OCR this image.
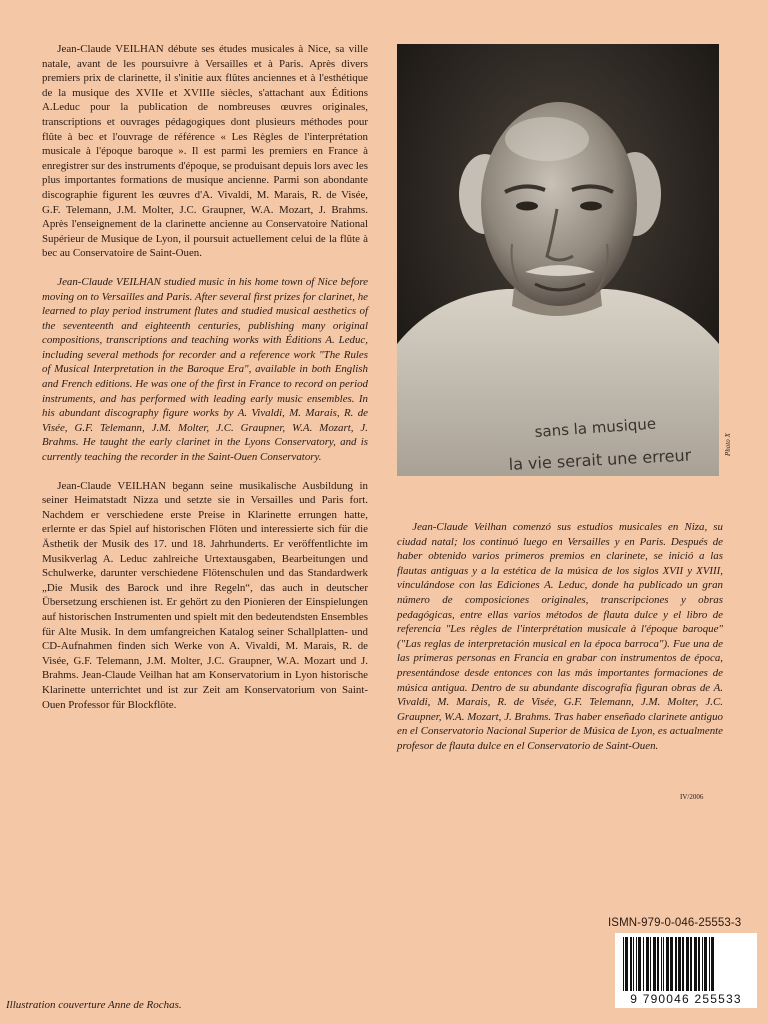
Jean-Claude VEILHAN débute ses études musicales à Nice, sa ville natale, avant de les poursuivre à Versailles et à Paris. Après divers premiers prix de clarinette, il s'initie aux flûtes anciennes et à l'esthétique de la musique des XVIIe et XVIIIe siècles, s'attachant aux Éditions A.Leduc pour la publication de nombreuses œuvres originales, transcriptions et ouvrages pédagogiques dont plusieurs méthodes pour flûte à bec et l'ouvrage de référence « Les Règles de l'interprétation musicale à l'époque baroque ». Il est parmi les premiers en France à enregistrer sur des instruments d'époque, se produisant depuis lors avec les plus importantes formations de musique ancienne. Parmi son abondante discographie figurent les œuvres d'A. Vivaldi, M. Marais, R. de Visée, G.F. Telemann, J.M. Molter, J.C. Graupner, W.A. Mozart, J. Brahms. Après l'enseignement de la clarinette ancienne au Conservatoire National Supérieur de Musique de Lyon, il poursuit actuellement celui de la flûte à bec au Conservatoire de Saint-Ouen.

Jean-Claude VEILHAN studied music in his home town of Nice before moving on to Versailles and Paris. After several first prizes for clarinet, he learned to play period instrument flutes and studied musical aesthetics of the seventeenth and eighteenth centuries, publishing many original compositions, transcriptions and teaching works with Éditions A. Leduc, including several methods for recorder and a reference work "The Rules of Musical Interpretation in the Baroque Era", available in both English and French editions. He was one of the first in France to record on period instruments, and has performed with leading early music ensembles. In his abundant discography figure works by A. Vivaldi, M. Marais, R. de Visée, G.F. Telemann, J.M. Molter, J.C. Graupner, W.A. Mozart, J. Brahms. He taught the early clarinet in the Lyons Conservatory, and is currently teaching the recorder in the Saint-Ouen Conservatory.

Jean-Claude VEILHAN begann seine musikalische Ausbildung in seiner Heimatstadt Nizza und setzte sie in Versailles und Paris fort. Nachdem er verschiedene erste Preise in Klarinette errungen hatte, erlernte er das Spiel auf historischen Flöten und interessierte sich für die Ästhetik der Musik des 17. und 18. Jahrhunderts. Er veröffentlichte im Musikverlag A. Leduc zahlreiche Urtextausgaben, Bearbeitungen und Schulwerke, darunter verschiedene Flötenschulen und das Standardwerk „Die Musik des Barock und ihre Regeln“, das auch in deutscher Übersetzung erschienen ist. Er gehört zu den Pionieren der Einspielungen auf historischen Instrumenten und spielt mit den bedeutendsten Ensembles für Alte Musik. In dem umfangreichen Katalog seiner Schallplatten- und CD-Aufnahmen finden sich Werke von A. Vivaldi, M. Marais, R. de Visée, G.F. Telemann, J.M. Molter, J.C. Graupner, W.A. Mozart und J. Brahms. Jean-Claude Veilhan hat am Konservatorium in Lyon historische Klarinette unterrichtet und ist zur Zeit am Konservatorium von Saint-Ouen Professor für Blockflöte.

sans la musique
la vie serait une erreur
Photo X

Jean-Claude Veilhan comenzó sus estudios musicales en Niza, su ciudad natal; los continuó luego en Versailles y en Paris. Después de haber obtenido varios primeros premios en clarinete, se inició a las flautas antiguas y a la estética de la música de los siglos XVII y XVIII, vinculándose con las Ediciones A. Leduc, donde ha publicado un gran número de composiciones originales, transcripciones y obras pedagógicas, entre ellas varios métodos de flauta dulce y el libro de referencia "Les règles de l'interprétation musicale à l'époque baroque" ("Las reglas de interpretación musical en la época barroca"). Fue una de las primeras personas en Francia en grabar con instrumentos de época, presentándose desde entonces con las más importantes formaciones de música antigua. Dentro de su abundante discografía figuran obras de A. Vivaldi, M. Marais, R. de Visée, G.F. Telemann, J.M. Molter, J.C. Graupner, W.A. Mozart, J. Brahms. Tras haber enseñado clarinete antiguo en el Conservatorio Nacional Superior de Música de Lyon, es actualmente profesor de flauta dulce en el Conservatorio de Saint-Ouen.

IV/2006
ISMN-979-0-046-25553-3
9 790046 255533
Illustration couverture Anne de Rochas.
